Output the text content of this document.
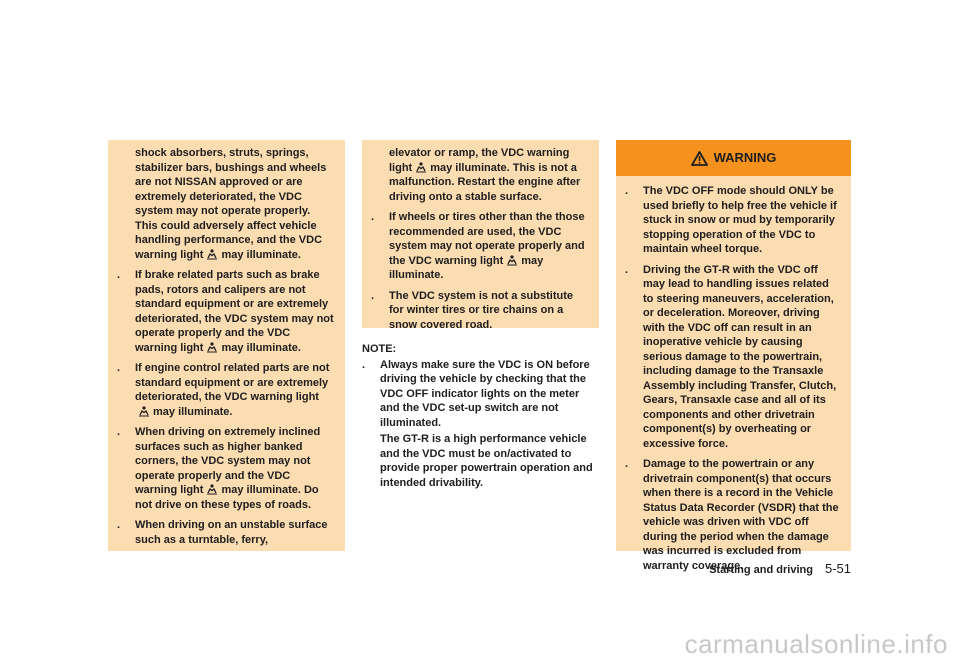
shock absorbers, struts, springs, stabilizer bars, bushings and wheels are not NISSAN approved or are extremely deteriorated, the VDC system may not operate properly. This could adversely affect vehicle handling performance, and the VDC warning light may illuminate.
. If brake related parts such as brake pads, rotors and calipers are not standard equipment or are extremely deteriorated, the VDC system may not operate properly and the VDC warning light may illuminate.
. If engine control related parts are not standard equipment or are extremely deteriorated, the VDC warning lightmay illuminate.
. When driving on extremely inclined surfaces such as higher banked corners, the VDC system may not operate properly and the VDC warning light may illuminate. Do not drive on these types of roads.
. When driving on an unstable surface such as a turntable, ferry,
elevator or ramp, the VDC warning light may illuminate. This is not a malfunction. Restart the engine after driving onto a stable surface.
. If wheels or tires other than the those recommended are used, the VDC system may not operate properly and the VDC warning light may illuminate.
. The VDC system is not a substitute for winter tires or tire chains on a snow covered road.
NOTE:
. Always make sure the VDC is ON before driving the vehicle by checking that the VDC OFF indicator lights on the meter and the VDC set-up switch are not illuminated.
The GT-R is a high performance vehicle and the VDC must be on/activated to provide proper powertrain operation and intended drivability.
WARNING
. The VDC OFF mode should ONLY be used briefly to help free the vehicle if stuck in snow or mud by temporarily stopping operation of the VDC to maintain wheel torque.
. Driving the GT-R with the VDC off may lead to handling issues related to steering maneuvers, acceleration, or deceleration. Moreover, driving with the VDC off can result in an inoperative vehicle by causing serious damage to the powertrain, including damage to the Transaxle Assembly including Transfer, Clutch, Gears, Transaxle case and all of its components and other drivetrain component(s) by overheating or excessive force.
. Damage to the powertrain or any drivetrain component(s) that occurs when there is a record in the Vehicle Status Data Recorder (VSDR) that the vehicle was driven with VDC off during the period when the damage was incurred is excluded from warranty coverage.
Starting and driving 5-51
carmanualsonline.info
